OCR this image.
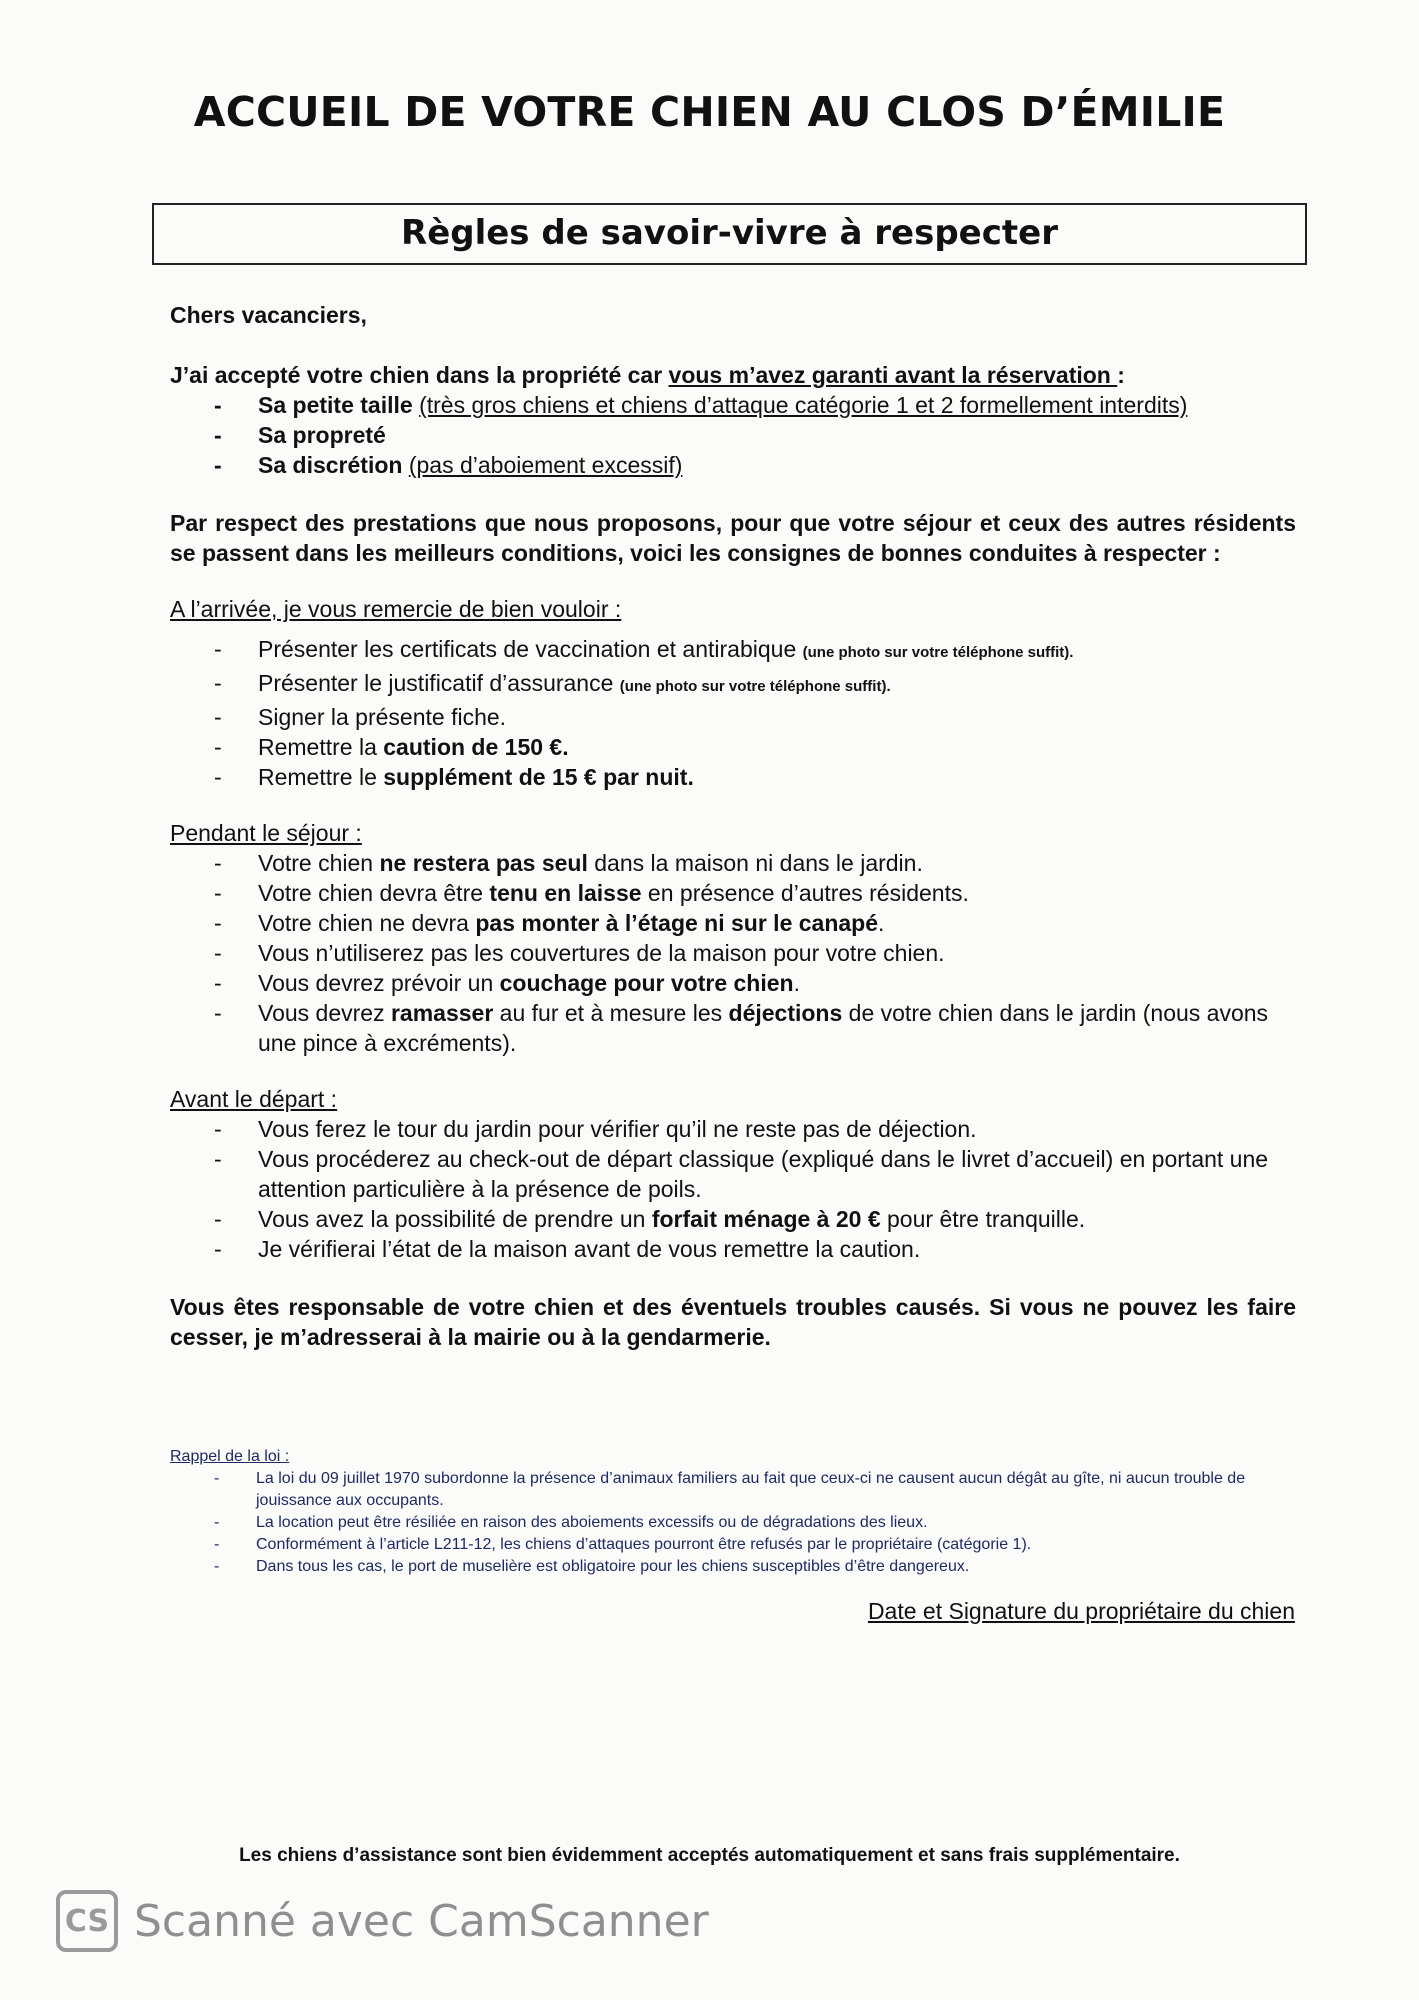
ACCUEIL DE VOTRE CHIEN AU CLOS D’ÉMILIE
Règles de savoir-vivre à respecter

Chers vacanciers,

J’ai accepté votre chien dans la propriété car vous m’avez garanti avant la réservation :

- Sa petite taille (très gros chiens et chiens d’attaque catégorie 1 et 2 formellement interdits)
- Sa propreté
- Sa discrétion (pas d’aboiement excessif)

Par respect des prestations que nous proposons, pour que votre séjour et ceux des autres résidents se passent dans les meilleurs conditions, voici les consignes de bonnes conduites à respecter :

A l’arrivée, je vous remercie de bien vouloir :

- Présenter les certificats de vaccination et antirabique (une photo sur votre téléphone suffit).
- Présenter le justificatif d’assurance (une photo sur votre téléphone suffit).
- Signer la présente fiche.
- Remettre la caution de 150 €.
- Remettre le supplément de 15 € par nuit.

Pendant le séjour :

- Votre chien ne restera pas seul dans la maison ni dans le jardin.
- Votre chien devra être tenu en laisse en présence d’autres résidents.
- Votre chien ne devra pas monter à l’étage ni sur le canapé.
- Vous n’utiliserez pas les couvertures de la maison pour votre chien.
- Vous devrez prévoir un couchage pour votre chien.
- Vous devrez ramasser au fur et à mesure les déjections de votre chien dans le jardin (nous avons une pince à excréments).

Avant le départ :

- Vous ferez le tour du jardin pour vérifier qu’il ne reste pas de déjection.
- Vous procéderez au check-out de départ classique (expliqué dans le livret d’accueil) en portant une attention particulière à la présence de poils.
- Vous avez la possibilité de prendre un forfait ménage à 20 € pour être tranquille.
- Je vérifierai l’état de la maison avant de vous remettre la caution.

Vous êtes responsable de votre chien et des éventuels troubles causés. Si vous ne pouvez les faire cesser, je m’adresserai à la mairie ou à la gendarmerie.

Rappel de la loi :
- La loi du 09 juillet 1970 subordonne la présence d’animaux familiers au fait que ceux-ci ne causent aucun dégât au gîte, ni aucun trouble de jouissance aux occupants.
- La location peut être résiliée en raison des aboiements excessifs ou de dégradations des lieux.
- Conformément à l’article L211-12, les chiens d’attaques pourront être refusés par le propriétaire (catégorie 1).
- Dans tous les cas, le port de muselière est obligatoire pour les chiens susceptibles d’être dangereux.
Date et Signature du propriétaire du chien
Les chiens d’assistance sont bien évidemment acceptés automatiquement et sans frais supplémentaire.
CS Scanné avec CamScanner
